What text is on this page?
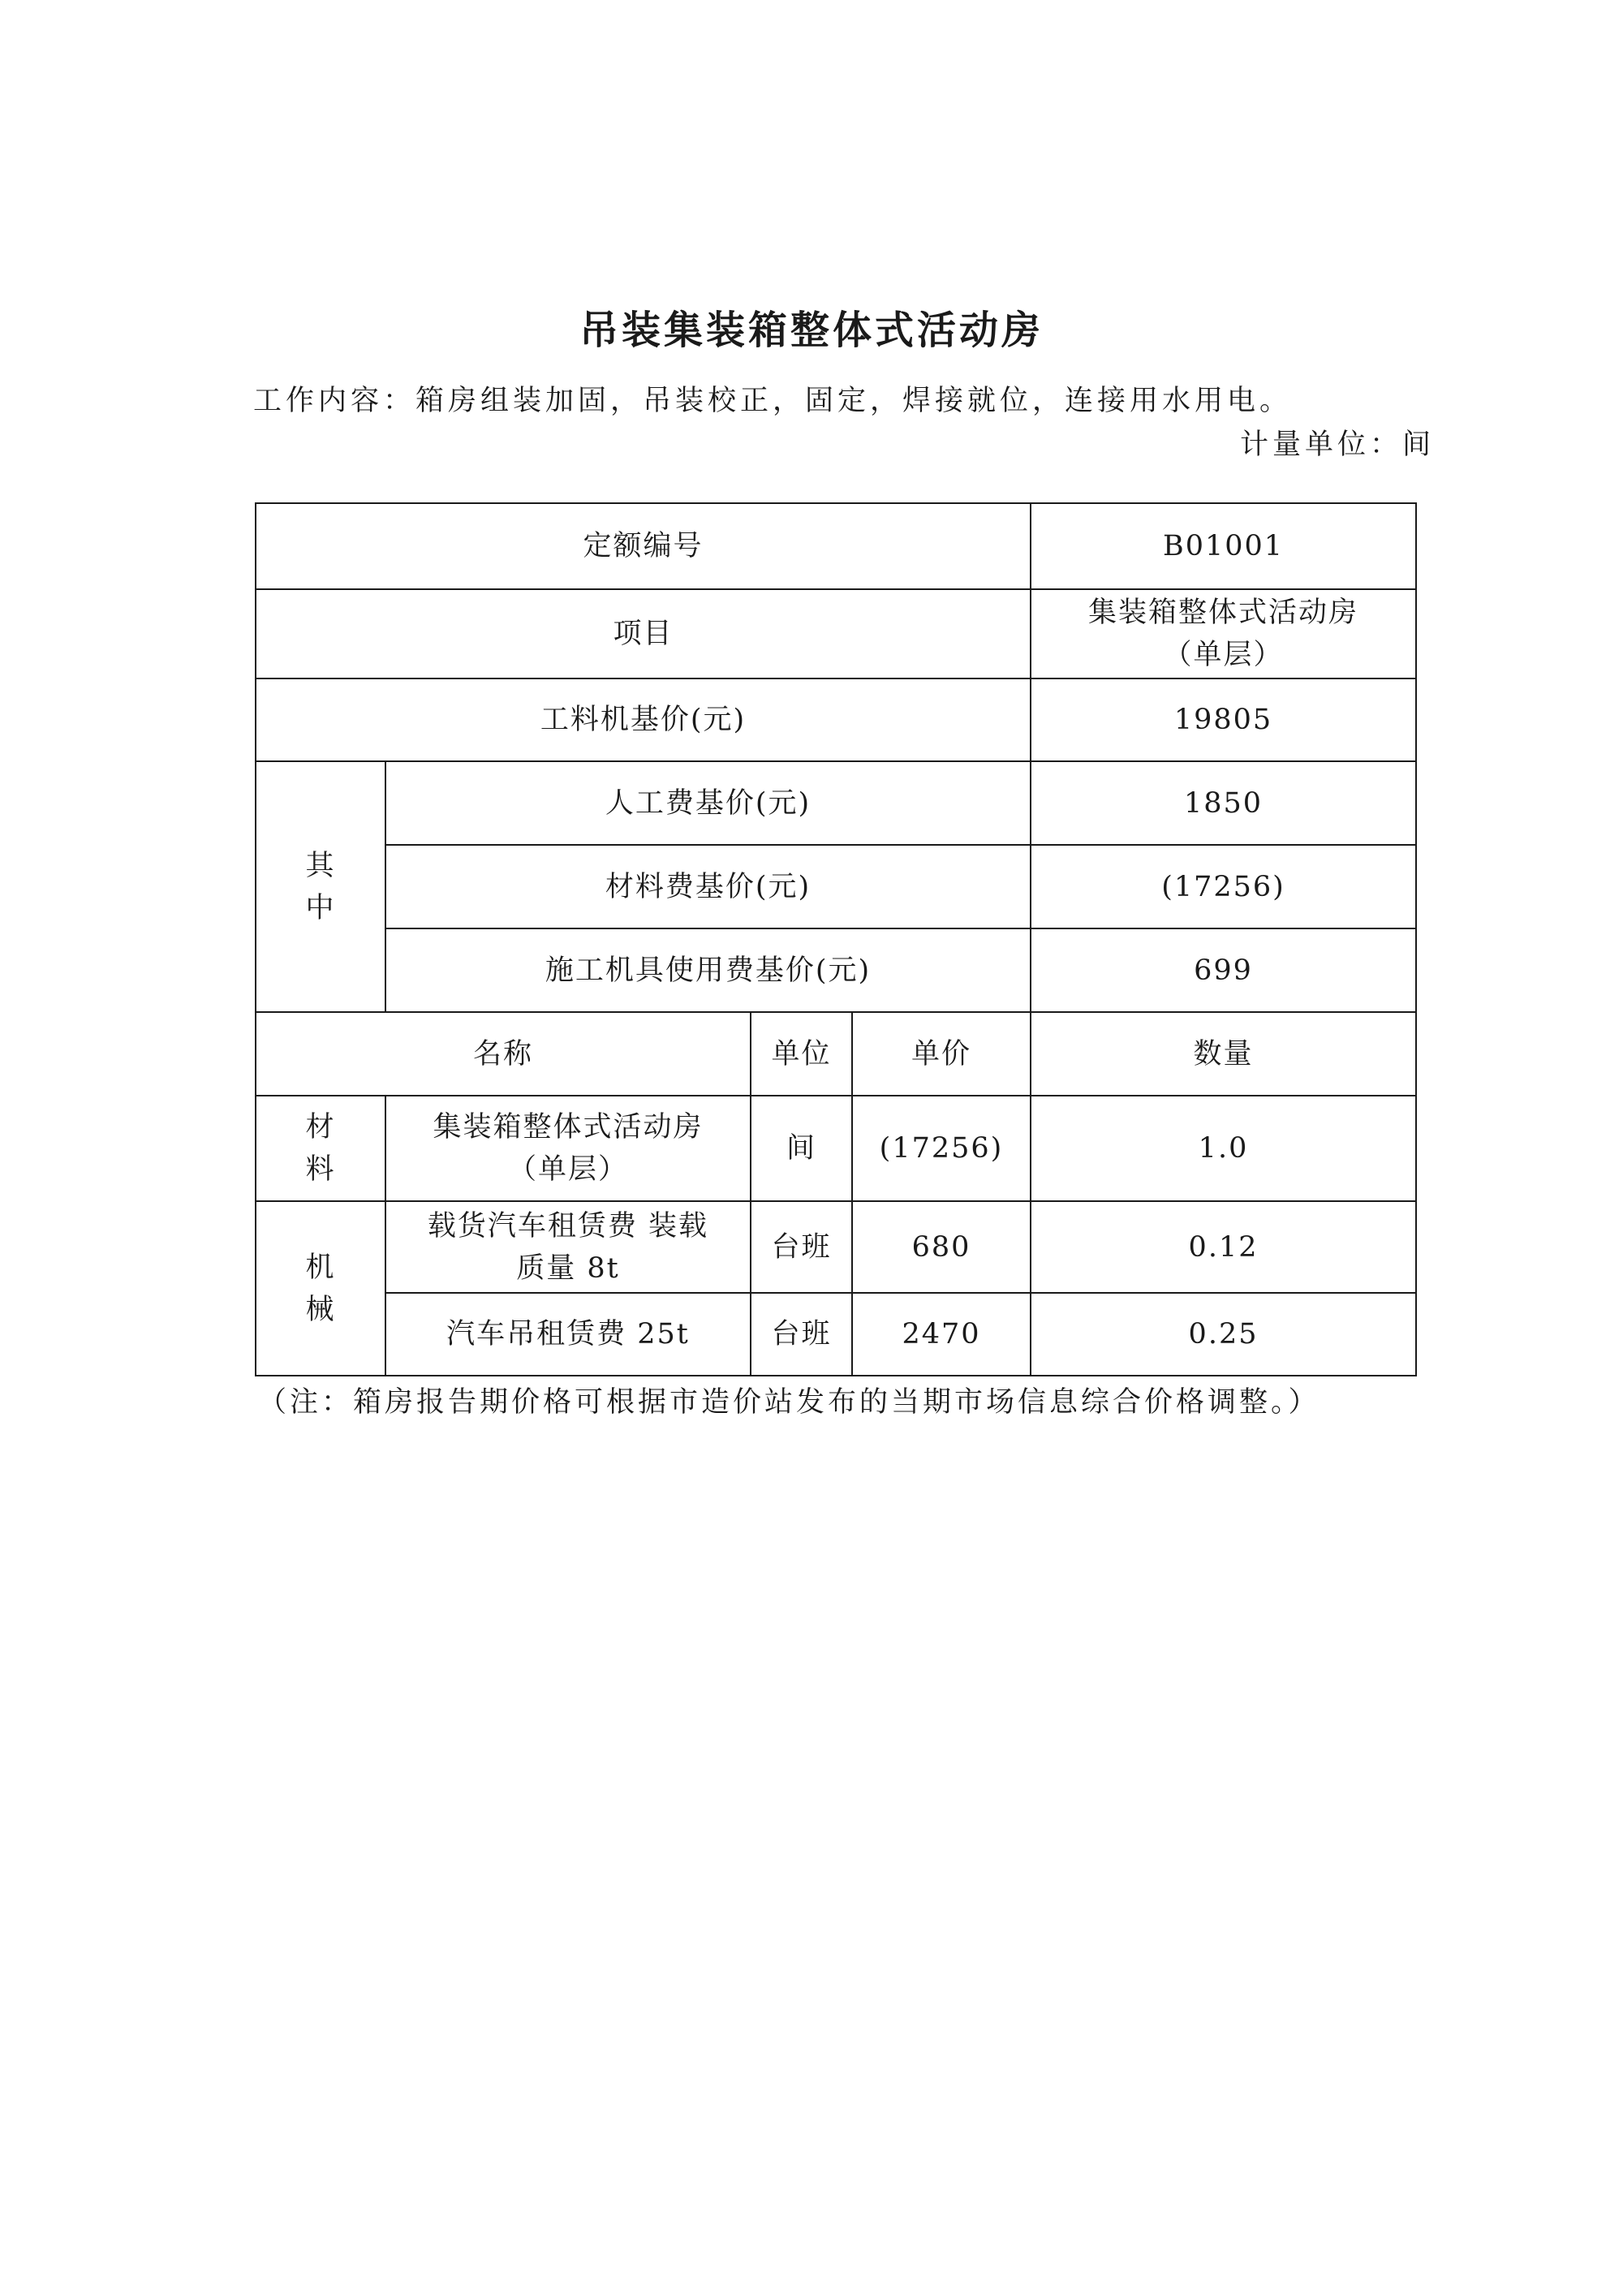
吊装集装箱整体式活动房
工作内容：箱房组装加固，吊装校正，固定，焊接就位，连接用水用电。
计量单位：间
定额编号				B01001
项目				集装箱整体式活动房
（单层）

工料机基价(元)				19805

其
中	人工费基价(元)			1850
	材料费基价(元)			(17256)
	施工机具使用费基价(元)			699
名称		单位	单价	数量

材
料	集装箱整体式活动房
（单层）	间	(17256)	1.0

机
械	载货汽车租赁费 装载
质量 8t	台班	680	0.12
	汽车吊租赁费 25t	台班	2470	0.25
（注：箱房报告期价格可根据市造价站发布的当期市场信息综合价格调整。）
